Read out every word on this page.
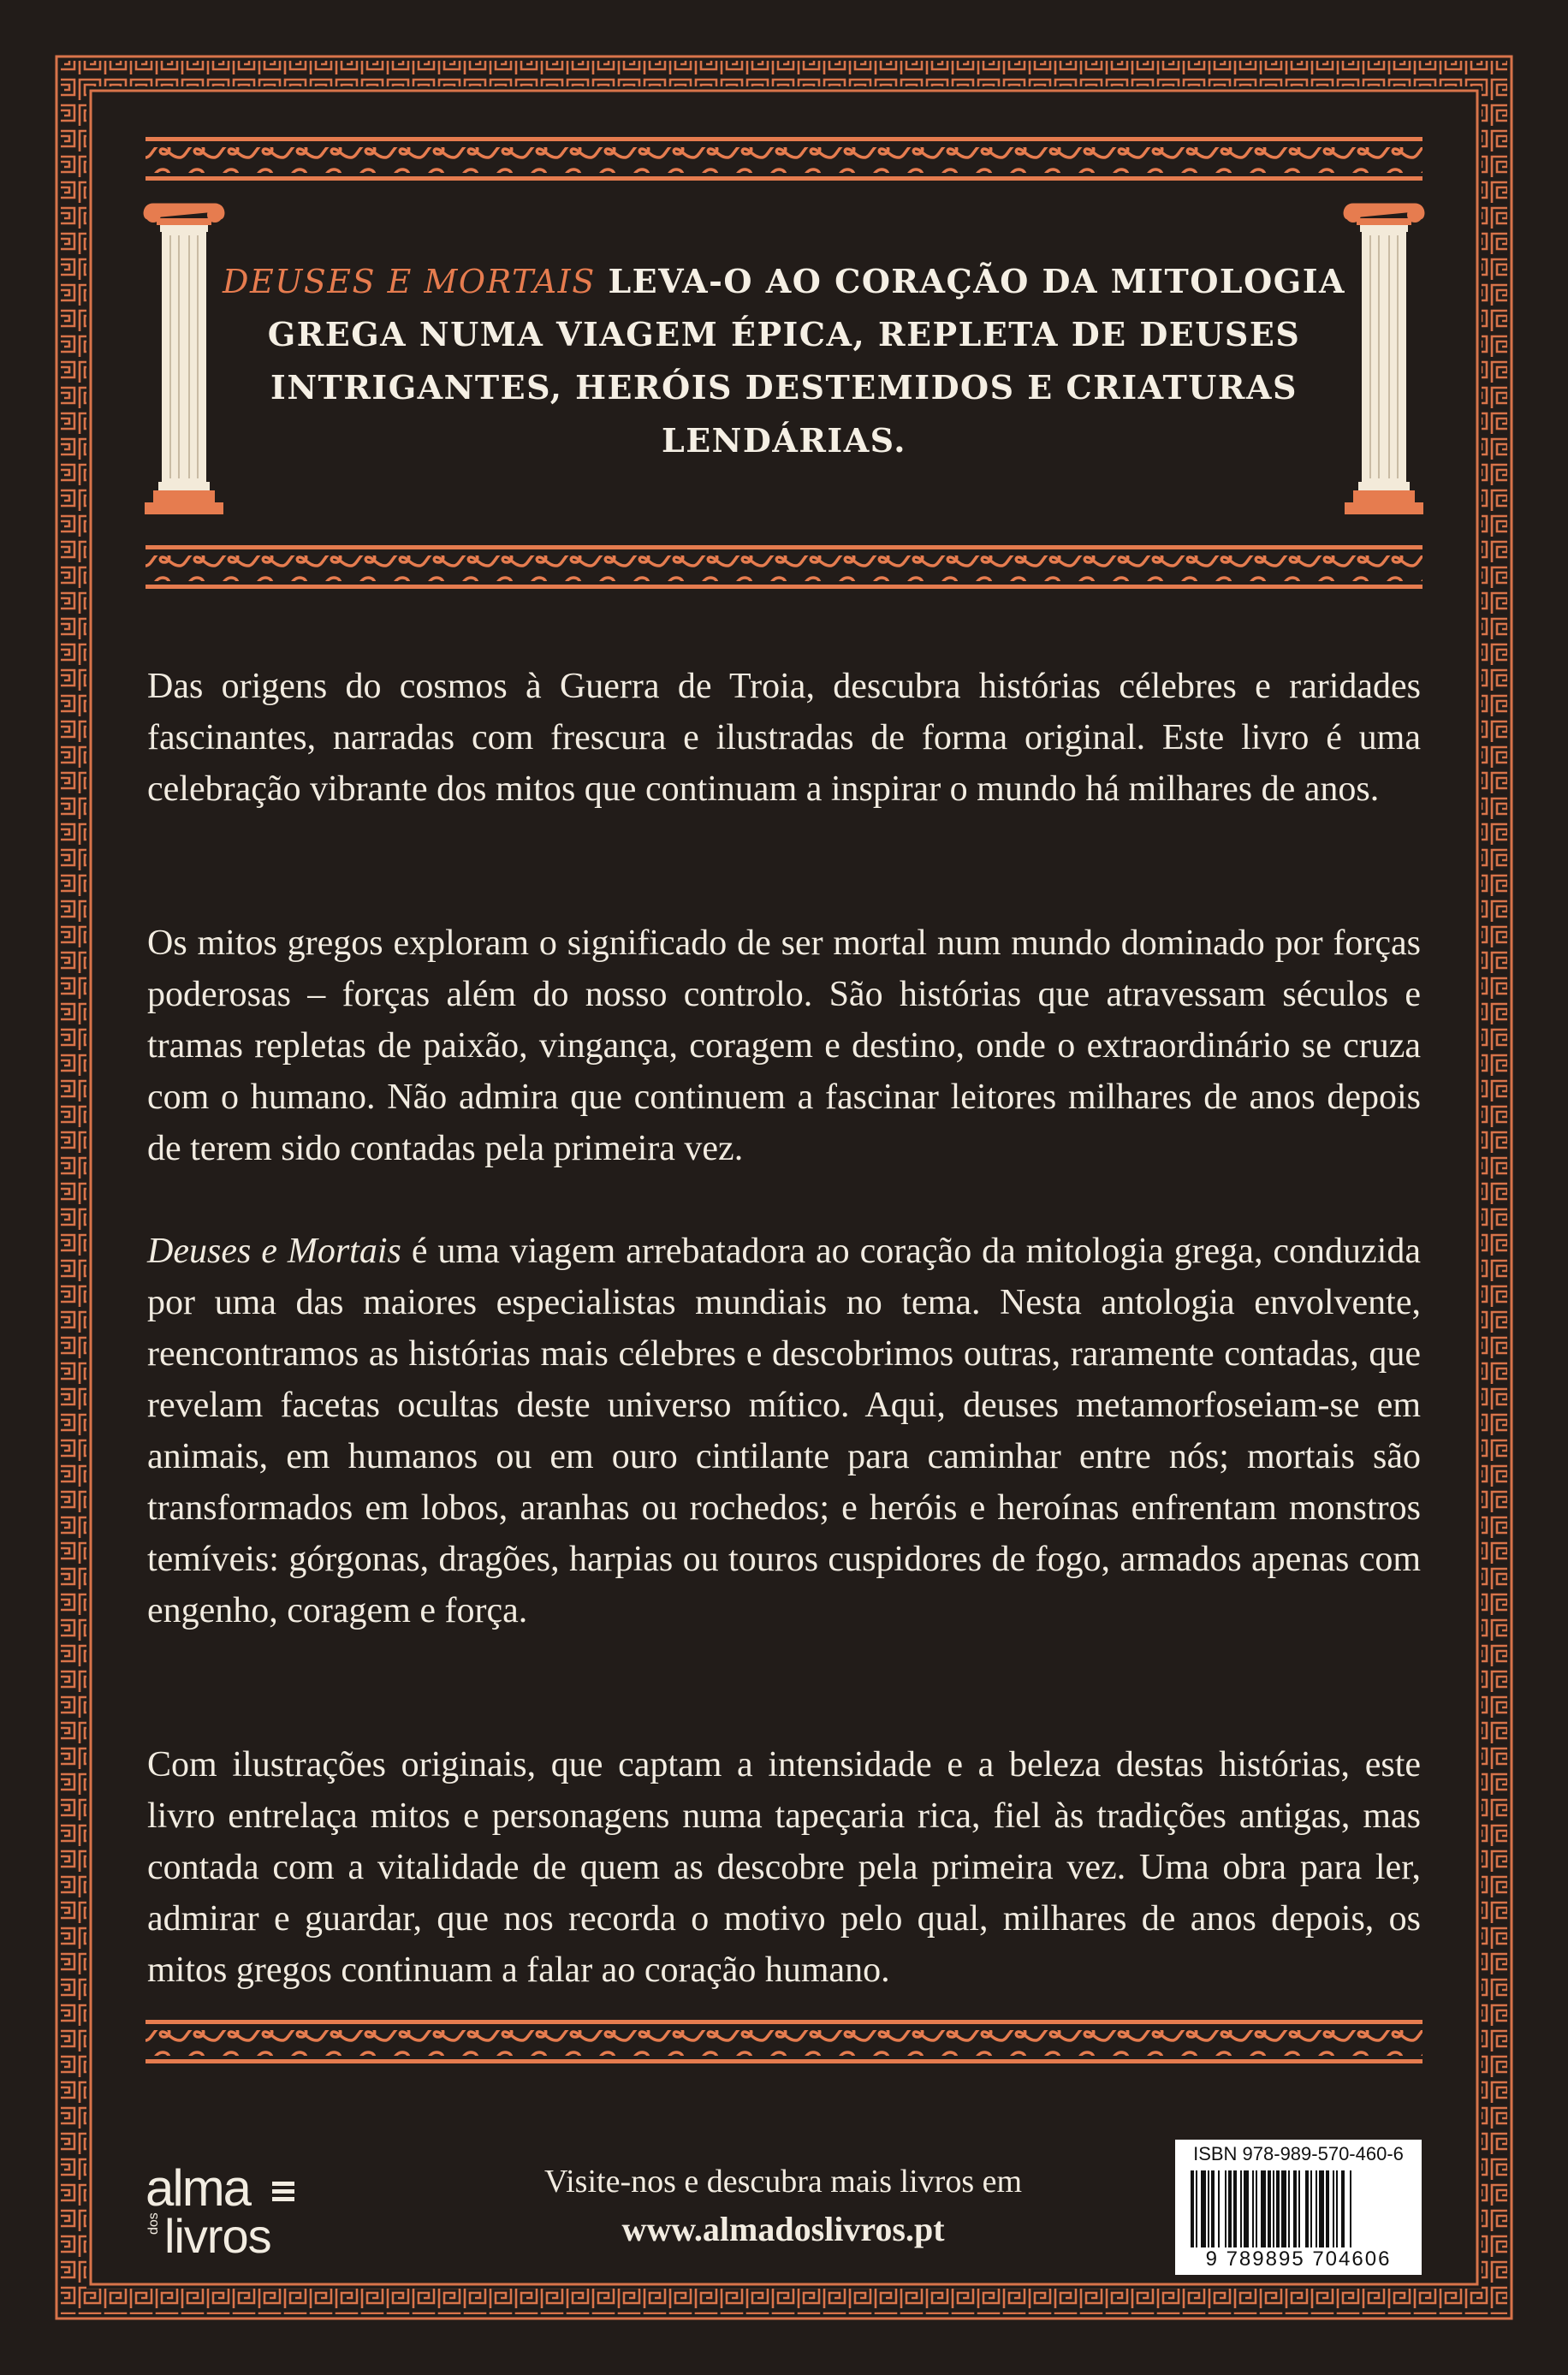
DEUSES E MORTAIS LEVA-O AO CORAÇÃO DA MITOLOGIA GREGA NUMA VIAGEM ÉPICA, REPLETA DE DEUSES INTRIGANTES, HERÓIS DESTEMIDOS E CRIATURAS LENDÁRIAS.

Das origens do cosmos à Guerra de Troia, descubra histórias célebres e raridades fascinantes, narradas com frescura e ilustradas de forma original. Este livro é uma celebração vibrante dos mitos que continuam a inspirar o mundo há milhares de anos.

Os mitos gregos exploram o significado de ser mortal num mundo dominado por forças poderosas – forças além do nosso controlo. São histórias que atravessam séculos e tramas repletas de paixão, vingança, coragem e destino, onde o extraordinário se cruza com o humano. Não admira que continuem a fascinar leitores milhares de anos depois de terem sido contadas pela primeira vez.

Deuses e Mortais é uma viagem arrebatadora ao coração da mitologia grega, conduzida por uma das maiores especialistas mundiais no tema. Nesta antologia envolvente, reencontramos as histórias mais célebres e descobrimos outras, raramente contadas, que revelam facetas ocultas deste universo mítico. Aqui, deuses metamorfoseiam-se em animais, em humanos ou em ouro cintilante para caminhar entre nós; mortais são transformados em lobos, aranhas ou rochedos; e heróis e heroínas enfrentam monstros temíveis: górgonas, dragões, harpias ou touros cuspidores de fogo, armados apenas com engenho, coragem e força.

Com ilustrações originais, que captam a intensidade e a beleza destas histórias, este livro entrelaça mitos e personagens numa tapeçaria rica, fiel às tradições antigas, mas contada com a vitalidade de quem as descobre pela primeira vez. Uma obra para ler, admirar e guardar, que nos recorda o motivo pelo qual, milhares de anos depois, os mitos gregos continuam a falar ao coração humano.

alma
dos livros
Visite-nos e descubra mais livros em
www.almadoslivros.pt
ISBN 978-989-570-460-6
9 789895 704606
